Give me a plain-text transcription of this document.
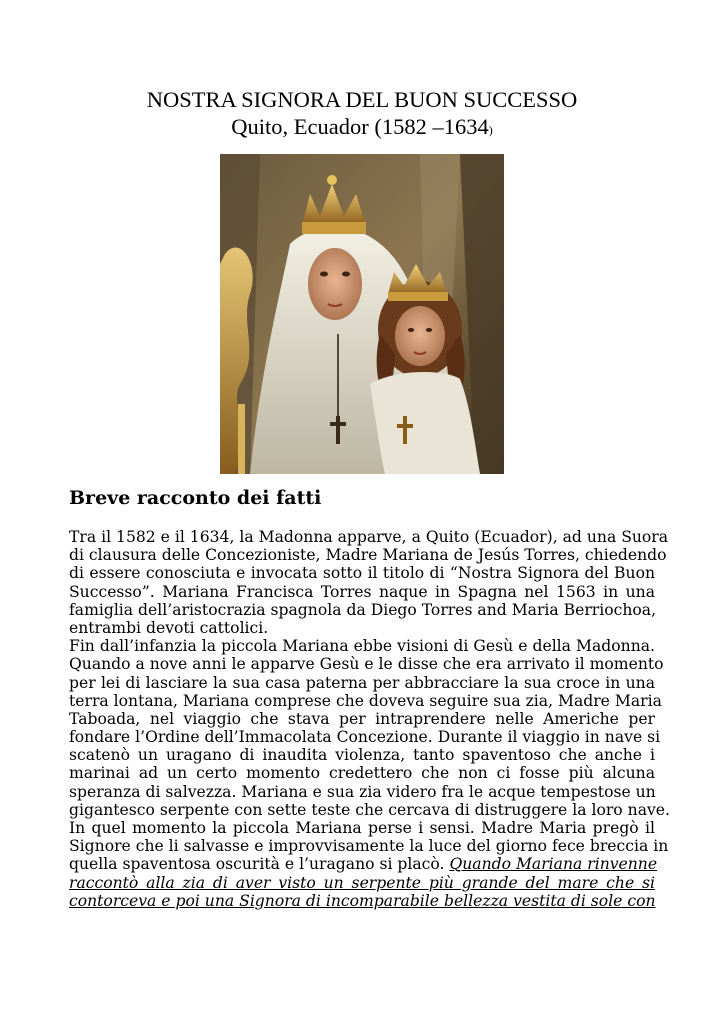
NOSTRA SIGNORA DEL BUON SUCCESSO
Quito, Ecuador (1582 –1634)
Breve racconto dei fatti
Tra il 1582 e il 1634, la Madonna apparve, a Quito (Ecuador), ad una Suora
di clausura delle Concezioniste, Madre Mariana de Jesús Torres, chiedendo
di essere conosciuta e invocata sotto il titolo di “Nostra Signora del Buon
Successo”. Mariana Francisca Torres naque in Spagna nel 1563 in una
famiglia dell’aristocrazia spagnola da Diego Torres and Maria Berriochoa,
entrambi devoti cattolici.
Fin dall’infanzia la piccola Mariana ebbe visioni di Gesù e della Madonna.
Quando a nove anni le apparve Gesù e le disse che era arrivato il momento
per lei di lasciare la sua casa paterna per abbracciare la sua croce in una
terra lontana, Mariana comprese che doveva seguire sua zia, Madre Maria
Taboada, nel viaggio che stava per intraprendere nelle Americhe per
fondare l’Ordine dell’Immacolata Concezione. Durante il viaggio in nave si
scatenò un uragano di inaudita violenza, tanto spaventoso che anche i
marinai ad un certo momento credettero che non ci fosse più alcuna
speranza di salvezza. Mariana e sua zia videro fra le acque tempestose un
gigantesco serpente con sette teste che cercava di distruggere la loro nave.
In quel momento la piccola Mariana perse i sensi. Madre Maria pregò il
Signore che li salvasse e improvvisamente la luce del giorno fece breccia in
quella spaventosa oscurità e l’uragano si placò. Quando Mariana rinvenne
raccontò alla zia di aver visto un serpente più grande del mare che si
contorceva e poi una Signora di incomparabile bellezza vestita di sole con
